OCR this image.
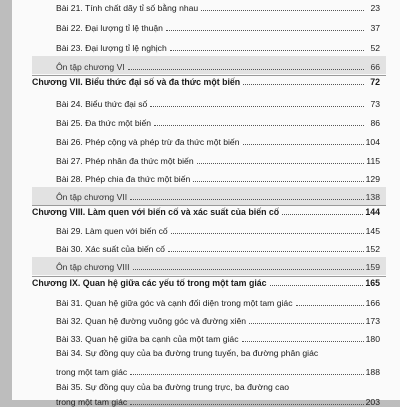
Bài 21. Tính chất dãy tỉ số bằng nhau	23
Bài 22. Đại lượng tỉ lệ thuận	37
Bài 23. Đại lượng tỉ lệ nghịch	52
Ôn tập chương VI	66
Chương VII. Biểu thức đại số và đa thức một biến	72
Bài 24. Biểu thức đại số	73
Bài 25. Đa thức một biến	86
Bài 26. Phép cộng và phép trừ đa thức một biến	104
Bài 27. Phép nhân đa thức một biến	115
Bài 28. Phép chia đa thức một biến	129
Ôn tập chương VII	138
Chương VIII. Làm quen với biến cố và xác suất của biến cố	144
Bài 29. Làm quen với biến cố	145
Bài 30. Xác suất của biến cố	152
Ôn tập chương VIII	159
Chương IX. Quan hệ giữa các yếu tố trong một tam giác	165
Bài 31. Quan hệ giữa góc và cạnh đối diện trong một tam giác	166
Bài 32. Quan hệ đường vuông góc và đường xiên	173
Bài 33. Quan hệ giữa ba cạnh của một tam giác	180
Bài 34. Sự đồng quy của ba đường trung tuyến, ba đường phân giác
trong một tam giác	188
Bài 35. Sự đồng quy của ba đường trung trực, ba đường cao
trong một tam giác	203
